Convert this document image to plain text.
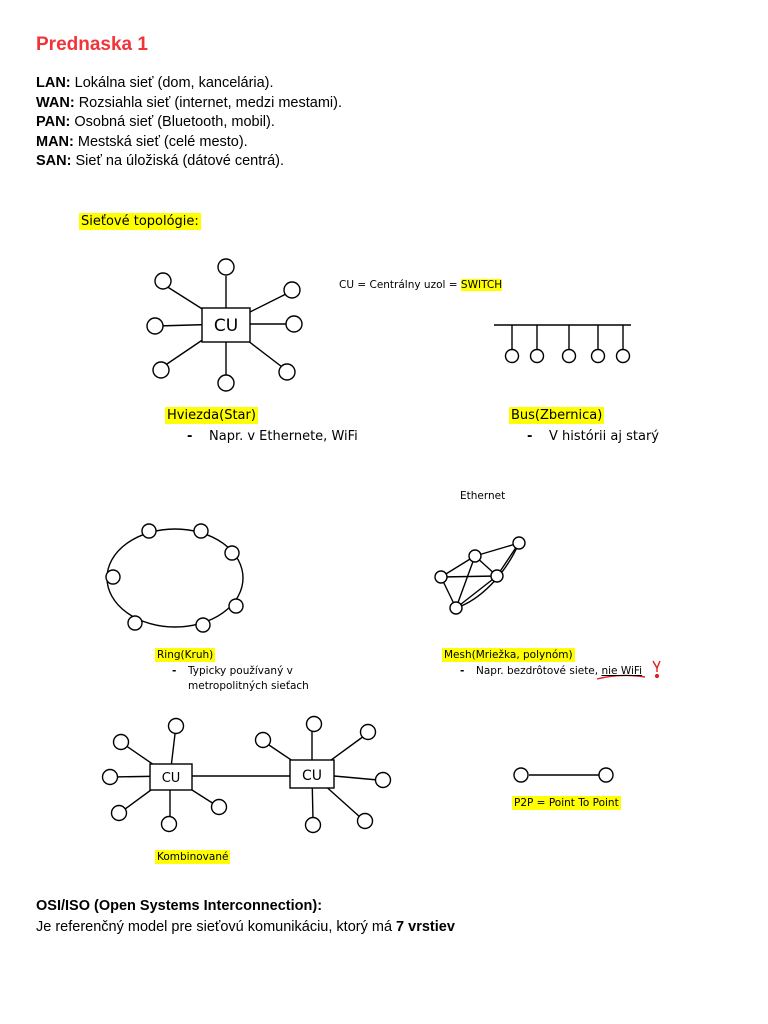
Prednaska 1
LAN: Lokálna sieť (dom, kancelária).
WAN: Rozsiahla sieť (internet, medzi mestami).
PAN: Osobná sieť (Bluetooth, mobil).
MAN: Mestská sieť (celé mesto).
SAN: Sieť na úložiská (dátové centrá).
CU
CU	CU
Sieťové topológie:
CU = Centrálny uzol = SWITCH
Hviezda(Star)
- Napr. v Ethernete, WiFi
Bus(Zbernica)
- V histórii aj starý
Ethernet
Ring(Kruh)
- Typicky používaný v
metropolitných sieťach
Mesh(Mriežka, polynóm)
- Napr. bezdrôtové siete, nie WiFi
Kombinované
P2P = Point To Point
OSI/ISO (Open Systems Interconnection):
Je referenčný model pre sieťovú komunikáciu, ktorý má 7 vrstiev
